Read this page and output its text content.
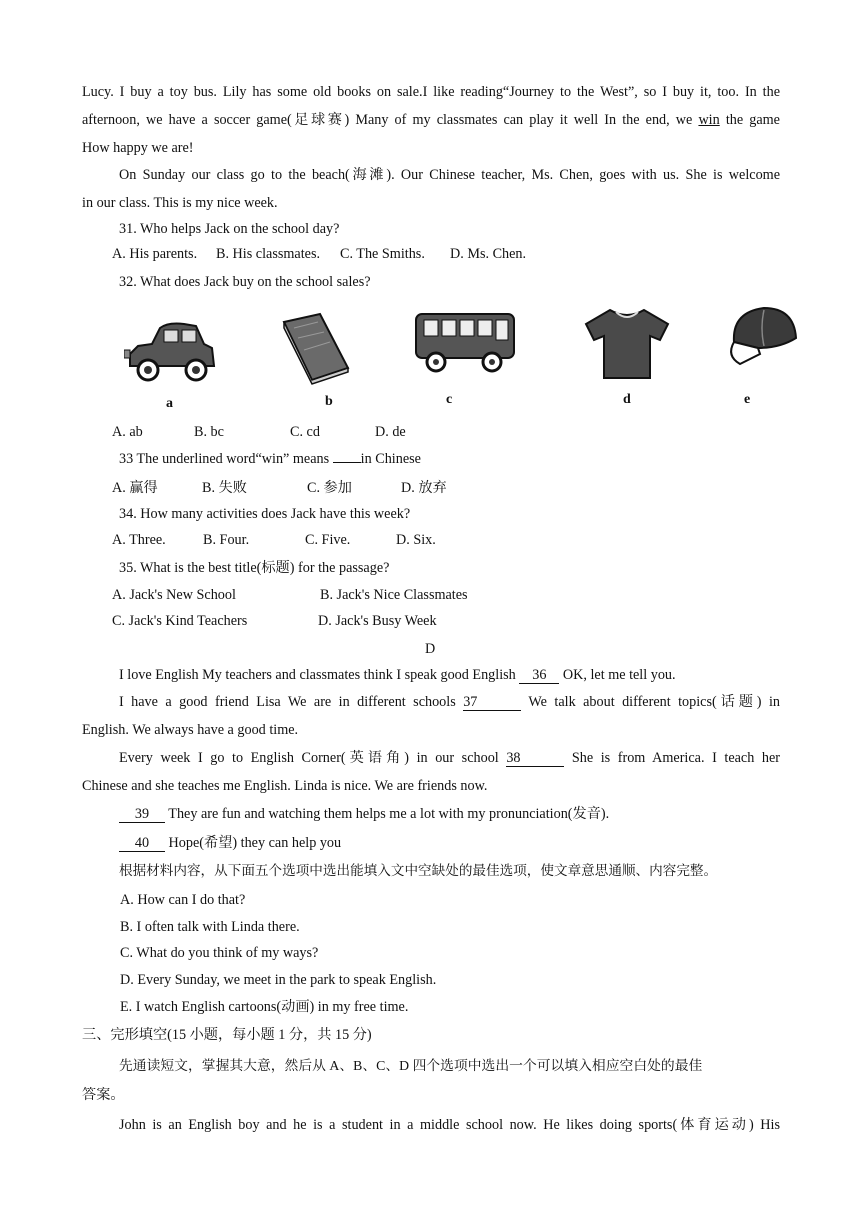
Lucy. I buy a toy bus. Lily has some old books on sale.I like reading“Journey to the West”, so I buy it, too. In the
afternoon, we have a soccer game(足球赛) Many of my classmates can play it well In the end, we win the game
How happy we are!
On Sunday our class go to the beach(海滩). Our Chinese teacher, Ms. Chen, goes with us. She is welcome
in our class. This is my nice week.
31. Who helps Jack on the school day?
A. His parents. B. His classmates. C. The Smiths. D. Ms. Chen.
32. What does Jack buy on the school sales?
a	b	c	d	e
A. ab	B. bc	C. cd	D. de
33 The underlined word“win” means in Chinese
A. 赢得	B. 失败	C. 参加	D. 放弃
34. How many activities does Jack have this week?
A. Three.	B. Four.	C. Five.	D. Six.
35. What is the best title(标题) for the passage?
A. Jack's New School	B. Jack's Nice Classmates
C. Jack's Kind Teachers	D. Jack's Busy Week
D
I love English My teachers and classmates think I speak good English 36 OK, let me tell you.
I have a good friend Lisa We are in different schools 37	We talk about different topics(话题) in
English. We always have a good time.
Every week I go to English Corner(英语角) in our school 38	She is from America. I teach her
Chinese and she teaches me English. Linda is nice. We are friends now.
39 They are fun and watching them helps me a lot with my pronunciation(发音).
40 Hope(希望) they can help you
根据材料内容，从下面五个选项中选出能填入文中空缺处的最佳选项，使文章意思通顺、内容完整。
A. How can I do that?
B. I often talk with Linda there.
C. What do you think of my ways?
D. Every Sunday, we meet in the park to speak English.
E. I watch English cartoons(动画) in my free time.
三、完形填空(15 小题，每小题 1 分，共 15 分)
先通读短文，掌握其大意，然后从 A、B、C、D 四个选项中选出一个可以填入相应空白处的最佳
答案。
John is an English boy and he is a student in a middle school now. He likes doing sports(体育运动) His
